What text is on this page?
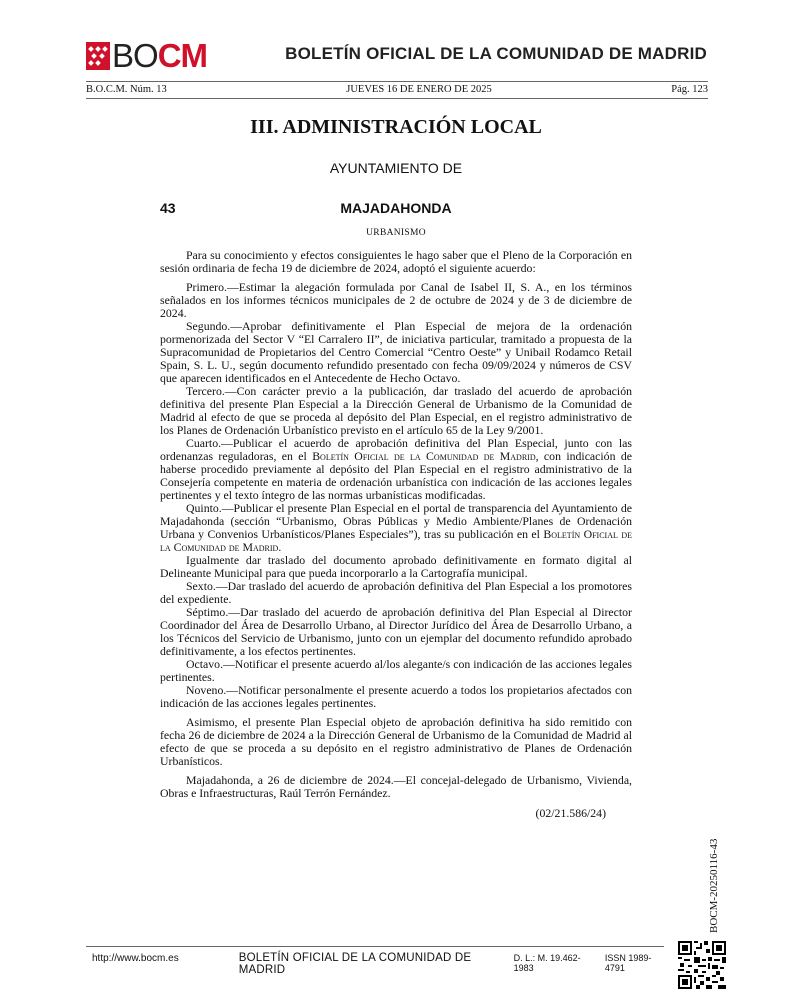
BOCM	BOLETÍN OFICIAL DE LA COMUNIDAD DE MADRID
B.O.C.M. Núm. 13	JUEVES 16 DE ENERO DE 2025	Pág. 123
III. ADMINISTRACIÓN LOCAL
AYUNTAMIENTO DE
43	MAJADAHONDA
URBANISMO

Para su conocimiento y efectos consiguientes le hago saber que el Pleno de la Corporación en sesión ordinaria de fecha 19 de diciembre de 2024, adoptó el siguiente acuerdo:

Primero.—Estimar la alegación formulada por Canal de Isabel II, S. A., en los términos señalados en los informes técnicos municipales de 2 de octubre de 2024 y de 3 de diciembre de 2024.

Segundo.—Aprobar definitivamente el Plan Especial de mejora de la ordenación pormenorizada del Sector V “El Carralero II”, de iniciativa particular, tramitado a propuesta de la Supracomunidad de Propietarios del Centro Comercial “Centro Oeste” y Unibail Rodamco Retail Spain, S. L. U., según documento refundido presentado con fecha 09/09/2024 y números de CSV que aparecen identificados en el Antecedente de Hecho Octavo.

Tercero.—Con carácter previo a la publicación, dar traslado del acuerdo de aprobación definitiva del presente Plan Especial a la Dirección General de Urbanismo de la Comunidad de Madrid al efecto de que se proceda al depósito del Plan Especial, en el registro administrativo de los Planes de Ordenación Urbanístico previsto en el artículo 65 de la Ley 9/2001.

Cuarto.—Publicar el acuerdo de aprobación definitiva del Plan Especial, junto con las ordenanzas reguladoras, en el Boletín Oficial de la Comunidad de Madrid, con indicación de haberse procedido previamente al depósito del Plan Especial en el registro administrativo de la Consejería competente en materia de ordenación urbanística con indicación de las acciones legales pertinentes y el texto íntegro de las normas urbanísticas modificadas.

Quinto.—Publicar el presente Plan Especial en el portal de transparencia del Ayuntamiento de Majadahonda (sección “Urbanismo, Obras Públicas y Medio Ambiente/Planes de Ordenación Urbana y Convenios Urbanísticos/Planes Especiales”), tras su publicación en el Boletín Oficial de la Comunidad de Madrid.

Igualmente dar traslado del documento aprobado definitivamente en formato digital al Delineante Municipal para que pueda incorporarlo a la Cartografía municipal.

Sexto.—Dar traslado del acuerdo de aprobación definitiva del Plan Especial a los promotores del expediente.

Séptimo.—Dar traslado del acuerdo de aprobación definitiva del Plan Especial al Director Coordinador del Área de Desarrollo Urbano, al Director Jurídico del Área de Desarrollo Urbano, a los Técnicos del Servicio de Urbanismo, junto con un ejemplar del documento refundido aprobado definitivamente, a los efectos pertinentes.

Octavo.—Notificar el presente acuerdo al/los alegante/s con indicación de las acciones legales pertinentes.

Noveno.—Notificar personalmente el presente acuerdo a todos los propietarios afectados con indicación de las acciones legales pertinentes.

Asimismo, el presente Plan Especial objeto de aprobación definitiva ha sido remitido con fecha 26 de diciembre de 2024 a la Dirección General de Urbanismo de la Comunidad de Madrid al efecto de que se proceda a su depósito en el registro administrativo de Planes de Ordenación Urbanísticos.

Majadahonda, a 26 de diciembre de 2024.—El concejal-delegado de Urbanismo, Vivienda, Obras e Infraestructuras, Raúl Terrón Fernández.

(02/21.586/24)
BOCM-20250116-43
http://www.bocm.es	BOLETÍN OFICIAL DE LA COMUNIDAD DE MADRID
D. L.: M. 19.462-1983
ISSN 1989-4791
